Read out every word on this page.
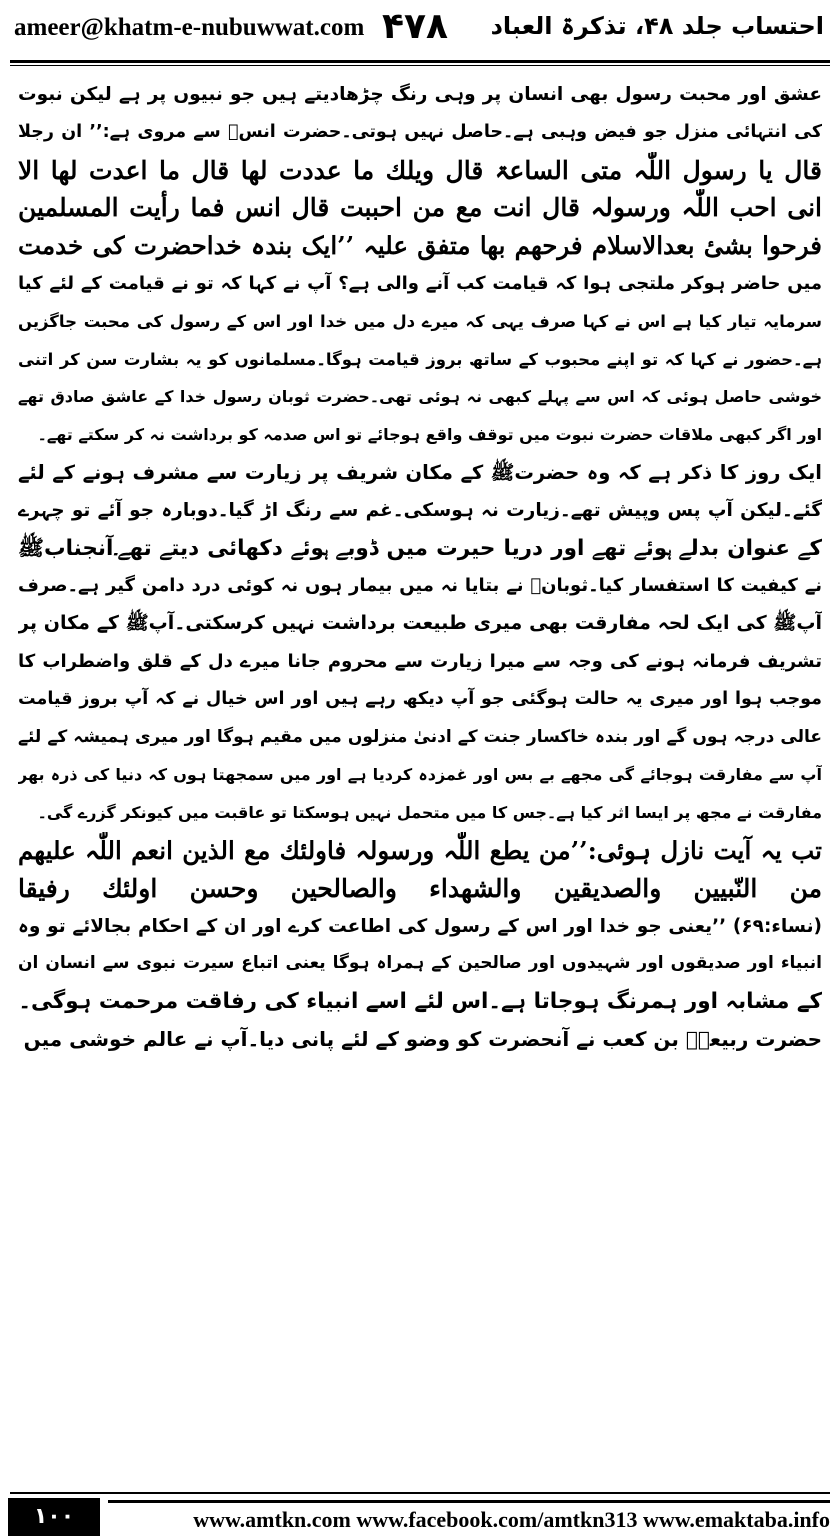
ameer@khatm-e-nubuwwat.com ۴۷۸ احتساب جلد ۴۸، تذکرۃ العباد
عشق اور محبت رسول بھی انسان پر وہی رنگ چڑھادیتے ہیں جو نبیوں پر ہے لیکن نبوت
کی انتہائی منزل جو فیض وہبی ہے۔حاصل نہیں ہوتی۔حضرت انسؓ سے مروی ہے:’’ ان رجلا
قال یا رسول اللّٰہ متی الساعۃ قال ویلك ما عددت لھا قال ما اعدت لھا الا
انی احب اللّٰہ ورسولہ قال انت مع من احببت قال انس فما رأیت المسلمین
فرحوا بشیٔ بعدالاسلام فرحھم بھا متفق علیہ ’’ایک بندہ خداحضرت کی خدمت
میں حاضر ہوکر ملتجی ہوا کہ قیامت کب آنے والی ہے؟ آپ نے کہا کہ تو نے قیامت کے لئے کیا
سرمایہ تیار کیا ہے اس نے کہا صرف یہی کہ میرے دل میں خدا اور اس کے رسول کی محبت جاگزیں
ہے۔حضور نے کہا کہ تو اپنے محبوب کے ساتھ بروز قیامت ہوگا۔مسلمانوں کو یہ بشارت سن کر اتنی
خوشی حاصل ہوئی کہ اس سے پہلے کبھی نہ ہوئی تھی۔حضرت ثوبان رسول خدا کے عاشق صادق تھے
اور اگر کبھی ملاقات حضرت نبوت میں توقف واقع ہوجائے تو اس صدمہ کو برداشت نہ کر سکتے تھے۔
ایک روز کا ذکر ہے کہ وہ حضرتﷺ کے مکان شریف پر زیارت سے مشرف ہونے کے لئے
گئے۔لیکن آپ پس وپیش تھے۔زیارت نہ ہوسکی۔غم سے رنگ اڑ گیا۔دوبارہ جو آئے تو چہرے
کے عنوان بدلے ہوئے تھے اور دریا حیرت میں ڈوبے ہوئے دکھائی دیتے تھے۔آنجنابﷺ
نے کیفیت کا استفسار کیا۔ثوبانؓ نے بتایا نہ میں بیمار ہوں نہ کوئی درد دامن گیر ہے۔صرف
آپﷺ کی ایک لحہ مفارقت بھی میری طبیعت برداشت نہیں کرسکتی۔آپﷺ کے مکان پر
تشریف فرمانہ ہونے کی وجہ سے میرا زیارت سے محروم جانا میرے دل کے قلق واضطراب کا
موجب ہوا اور میری یہ حالت ہوگئی جو آپ دیکھ رہے ہیں اور اس خیال نے کہ آپ بروز قیامت
عالی درجہ ہوں گے اور بندہ خاکسار جنت کے ادنیٰ منزلوں میں مقیم ہوگا اور میری ہمیشہ کے لئے
آپ سے مفارقت ہوجائے گی مجھے بے بس اور غمزدہ کردیا ہے اور میں سمجھتا ہوں کہ دنیا کی ذرہ بھر
مفارقت نے مجھ پر ایسا اثر کیا ہے۔جس کا میں متحمل نہیں ہوسکتا تو عاقبت میں کیونکر گزرے گی۔
تب یہ آیت نازل ہوئی:’’من یطع اللّٰہ ورسولہ فاولئك مع الذین انعم اللّٰہ علیھم
من النّبیین والصدیقین والشھداء والصالحین وحسن اولئك رفیقا
(نساء:۶۹) ’’یعنی جو خدا اور اس کے رسول کی اطاعت کرے اور ان کے احکام بجالائے تو وہ
انبیاء اور صدیقوں اور شہیدوں اور صالحین کے ہمراہ ہوگا یعنی اتباع سیرت نبوی سے انسان ان
کے مشابہ اور ہمرنگ ہوجاتا ہے۔اس لئے اسے انبیاء کی رفاقت مرحمت ہوگی۔
حضرت ربیعہؓ بن کعب نے آنحضرت کو وضو کے لئے پانی دیا۔آپ نے عالم خوشی میں
۱۰۰	www.amtkn.com www.facebook.com/amtkn313 www.emaktaba.info
